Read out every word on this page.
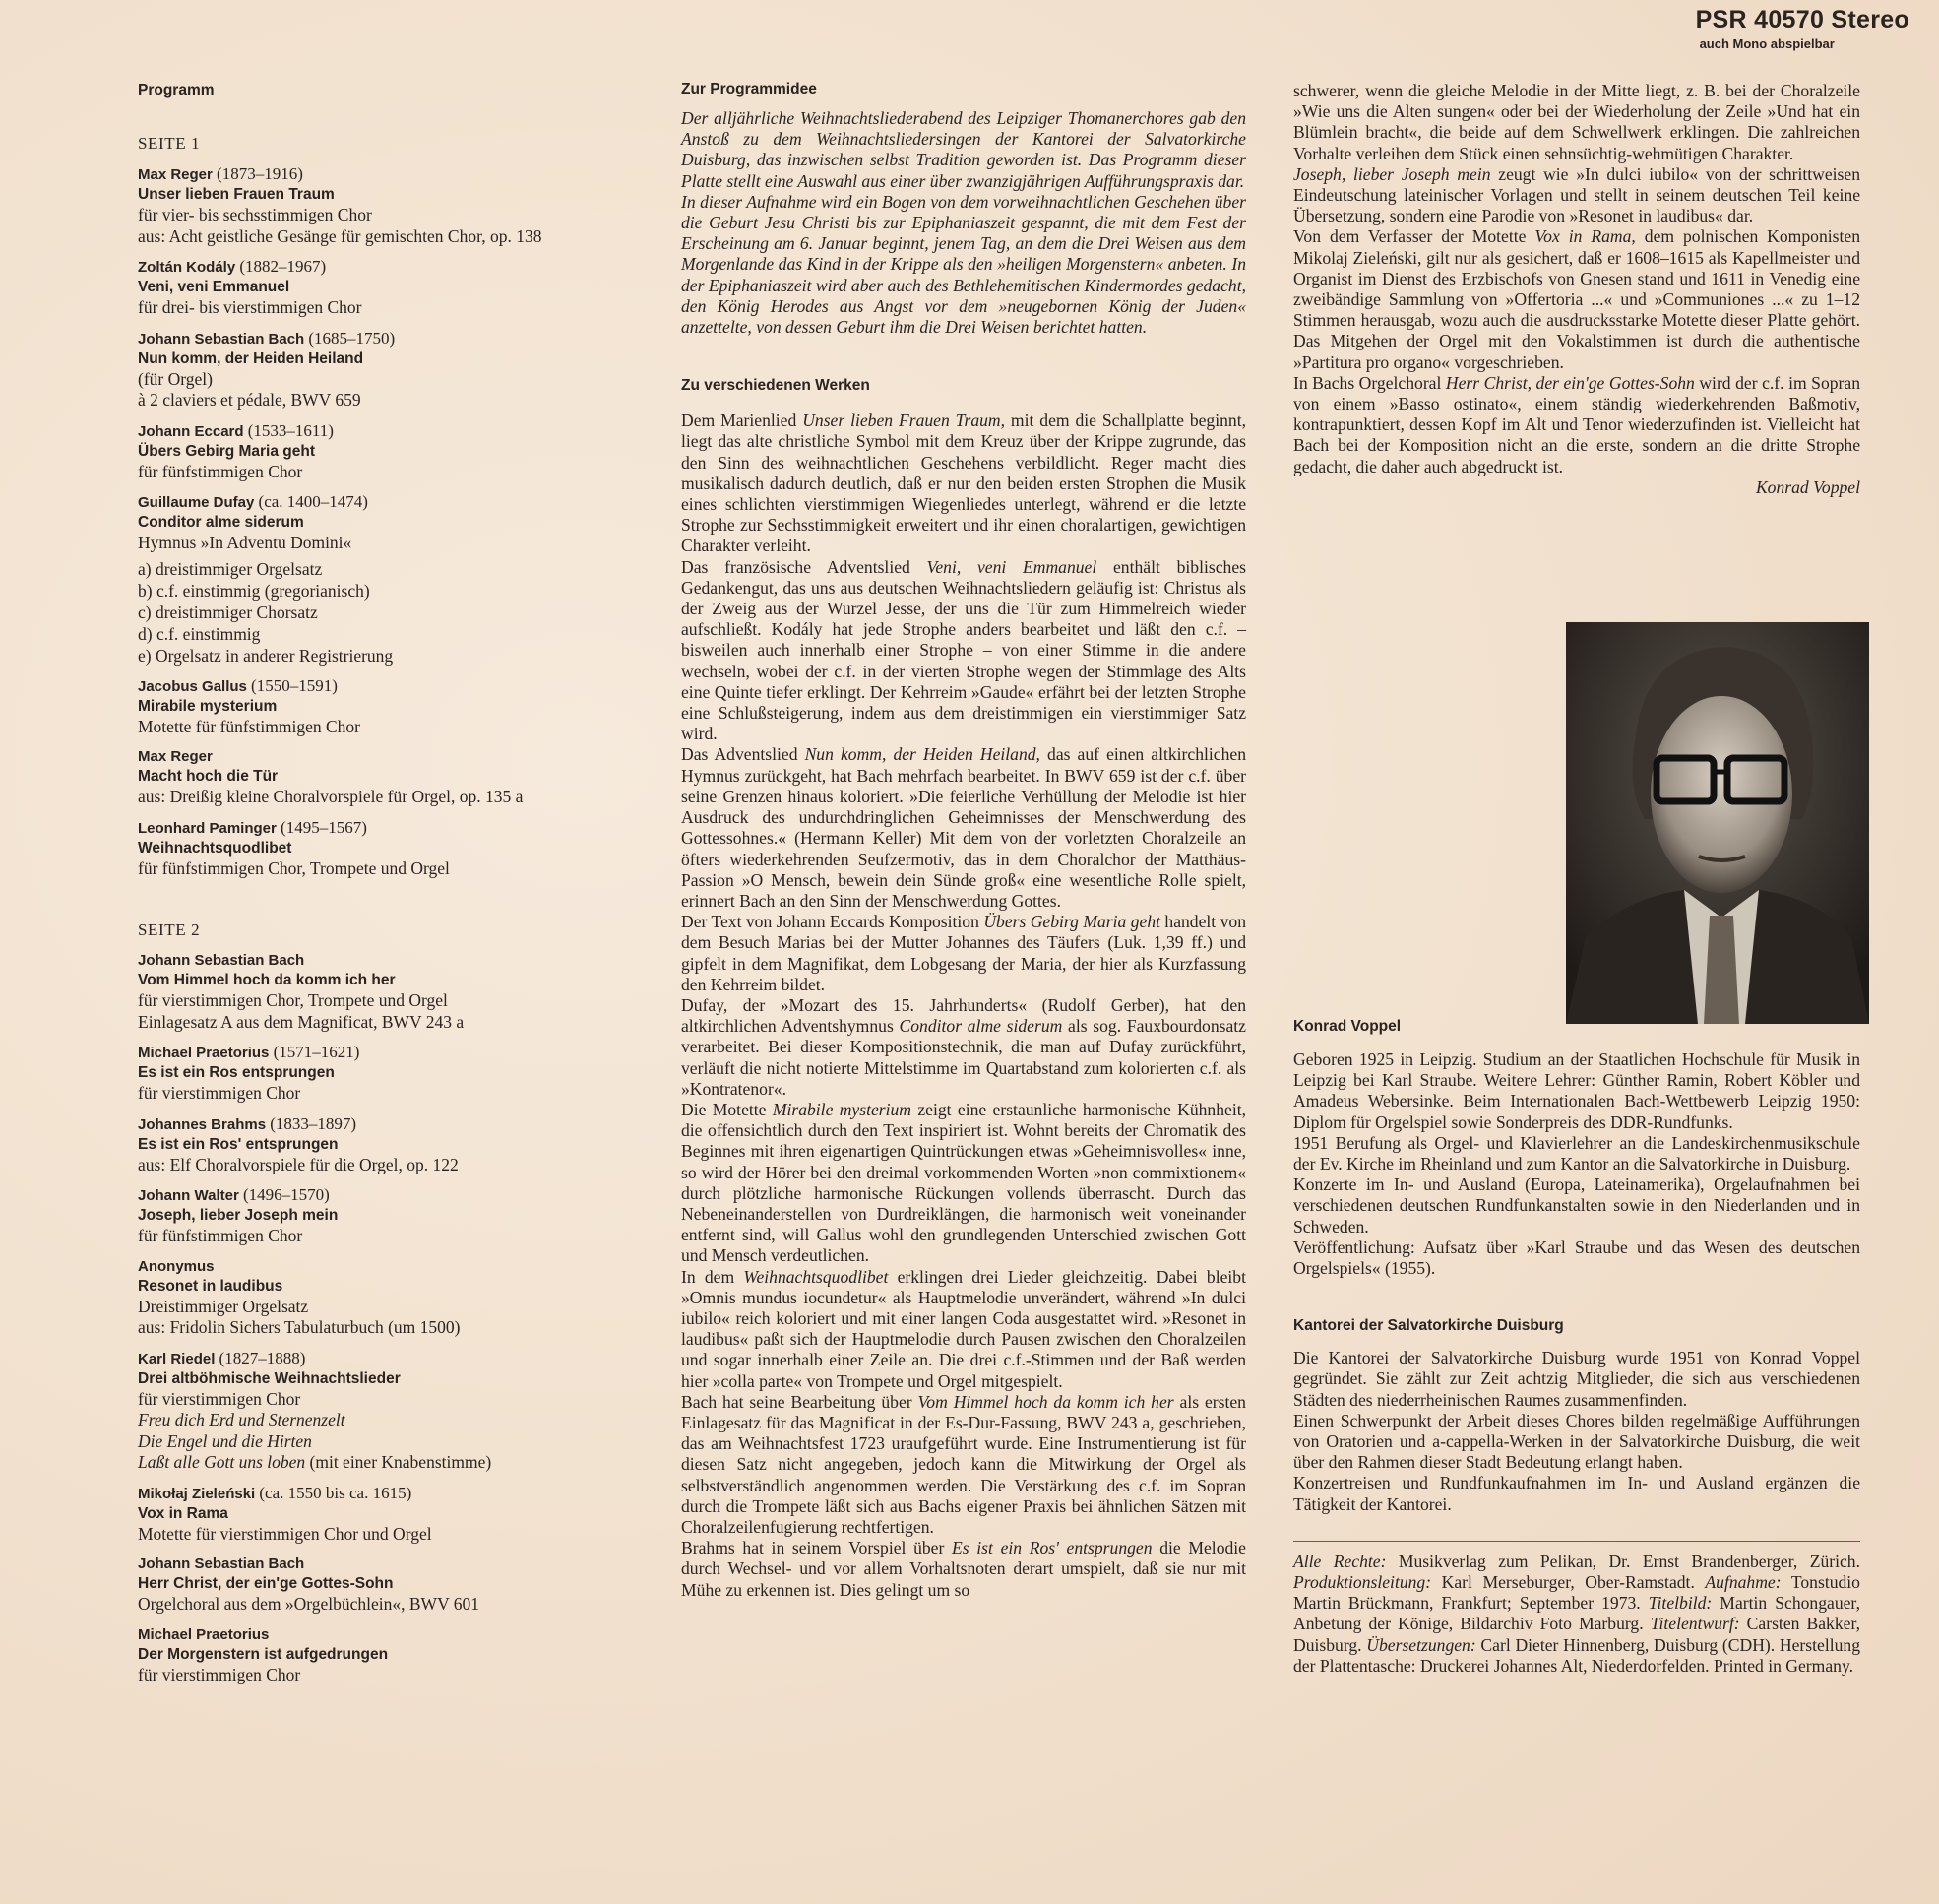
PSR 40570 Stereo
auch Mono abspielbar
Programm
SEITE 1
Max Reger (1873–1916)
Unser lieben Frauen Traum
für vier- bis sechsstimmigen Chor
aus: Acht geistliche Gesänge für gemischten Chor, op. 138
Zoltán Kodály (1882–1967)
Veni, veni Emmanuel
für drei- bis vierstimmigen Chor
Johann Sebastian Bach (1685–1750)
Nun komm, der Heiden Heiland
(für Orgel)
à 2 claviers et pédale, BWV 659
Johann Eccard (1533–1611)
Übers Gebirg Maria geht
für fünfstimmigen Chor
Guillaume Dufay (ca. 1400–1474)
Conditor alme siderum
Hymnus »In Adventu Domini«
a) dreistimmiger Orgelsatz
b) c.f. einstimmig (gregorianisch)
c) dreistimmiger Chorsatz
d) c.f. einstimmig
e) Orgelsatz in anderer Registrierung
Jacobus Gallus (1550–1591)
Mirabile mysterium
Motette für fünfstimmigen Chor
Max Reger
Macht hoch die Tür
aus: Dreißig kleine Choralvorspiele für Orgel, op. 135 a
Leonhard Paminger (1495–1567)
Weihnachtsquodlibet
für fünfstimmigen Chor, Trompete und Orgel
SEITE 2
Johann Sebastian Bach
Vom Himmel hoch da komm ich her
für vierstimmigen Chor, Trompete und Orgel
Einlagesatz A aus dem Magnificat, BWV 243 a
Michael Praetorius (1571–1621)
Es ist ein Ros entsprungen
für vierstimmigen Chor
Johannes Brahms (1833–1897)
Es ist ein Ros' entsprungen
aus: Elf Choralvorspiele für die Orgel, op. 122
Johann Walter (1496–1570)
Joseph, lieber Joseph mein
für fünfstimmigen Chor
Anonymus
Resonet in laudibus
Dreistimmiger Orgelsatz
aus: Fridolin Sichers Tabulaturbuch (um 1500)
Karl Riedel (1827–1888)
Drei altböhmische Weihnachtslieder
für vierstimmigen Chor
Freu dich Erd und Sternenzelt
Die Engel und die Hirten
Laßt alle Gott uns loben (mit einer Knabenstimme)
Mikołaj Zieleński (ca. 1550 bis ca. 1615)
Vox in Rama
Motette für vierstimmigen Chor und Orgel
Johann Sebastian Bach
Herr Christ, der ein'ge Gottes-Sohn
Orgelchoral aus dem »Orgelbüchlein«, BWV 601
Michael Praetorius
Der Morgenstern ist aufgedrungen
für vierstimmigen Chor
Zur Programmidee

Der alljährliche Weihnachtsliederabend des Leipziger Thomanerchores gab den Anstoß zu dem Weihnachtsliedersingen der Kantorei der Salvatorkirche Duisburg, das inzwischen selbst Tradition geworden ist. Das Programm dieser Platte stellt eine Auswahl aus einer über zwanzigjährigen Aufführungspraxis dar.

In dieser Aufnahme wird ein Bogen von dem vorweihnachtlichen Geschehen über die Geburt Jesu Christi bis zur Epiphaniaszeit gespannt, die mit dem Fest der Erscheinung am 6. Januar beginnt, jenem Tag, an dem die Drei Weisen aus dem Morgenlande das Kind in der Krippe als den »heiligen Morgenstern« anbeten. In der Epiphaniaszeit wird aber auch des Bethlehemitischen Kindermordes gedacht, den König Herodes aus Angst vor dem »neugebornen König der Juden« anzettelte, von dessen Geburt ihm die Drei Weisen berichtet hatten.

Zu verschiedenen Werken

Dem Marienlied Unser lieben Frauen Traum, mit dem die Schallplatte beginnt, liegt das alte christliche Symbol mit dem Kreuz über der Krippe zugrunde, das den Sinn des weihnachtlichen Geschehens verbildlicht. Reger macht dies musikalisch dadurch deutlich, daß er nur den beiden ersten Strophen die Musik eines schlichten vierstimmigen Wiegenliedes unterlegt, während er die letzte Strophe zur Sechsstimmigkeit erweitert und ihr einen choralartigen, gewichtigen Charakter verleiht.

Das französische Adventslied Veni, veni Emmanuel enthält biblisches Gedankengut, das uns aus deutschen Weihnachtsliedern geläufig ist: Christus als der Zweig aus der Wurzel Jesse, der uns die Tür zum Himmelreich wieder aufschließt. Kodály hat jede Strophe anders bearbeitet und läßt den c.f. – bisweilen auch innerhalb einer Strophe – von einer Stimme in die andere wechseln, wobei der c.f. in der vierten Strophe wegen der Stimmlage des Alts eine Quinte tiefer erklingt. Der Kehrreim »Gaude« erfährt bei der letzten Strophe eine Schlußsteigerung, indem aus dem dreistimmigen ein vierstimmiger Satz wird.

Das Adventslied Nun komm, der Heiden Heiland, das auf einen altkirchlichen Hymnus zurückgeht, hat Bach mehrfach bearbeitet. In BWV 659 ist der c.f. über seine Grenzen hinaus koloriert. »Die feierliche Verhüllung der Melodie ist hier Ausdruck des undurchdringlichen Geheimnisses der Menschwerdung des Gottessohnes.« (Hermann Keller) Mit dem von der vorletzten Choralzeile an öfters wiederkehrenden Seufzermotiv, das in dem Choralchor der Matthäus-Passion »O Mensch, bewein dein Sünde groß« eine wesentliche Rolle spielt, erinnert Bach an den Sinn der Menschwerdung Gottes.

Der Text von Johann Eccards Komposition Übers Gebirg Maria geht handelt von dem Besuch Marias bei der Mutter Johannes des Täufers (Luk. 1,39 ff.) und gipfelt in dem Magnifikat, dem Lobgesang der Maria, der hier als Kurzfassung den Kehrreim bildet.

Dufay, der »Mozart des 15. Jahrhunderts« (Rudolf Gerber), hat den altkirchlichen Adventshymnus Conditor alme siderum als sog. Fauxbourdonsatz verarbeitet. Bei dieser Kompositionstechnik, die man auf Dufay zurückführt, verläuft die nicht notierte Mittelstimme im Quartabstand zum kolorierten c.f. als »Kontratenor«.

Die Motette Mirabile mysterium zeigt eine erstaunliche harmonische Kühnheit, die offensichtlich durch den Text inspiriert ist. Wohnt bereits der Chromatik des Beginnes mit ihren eigenartigen Quintrückungen etwas »Geheimnisvolles« inne, so wird der Hörer bei den dreimal vorkommenden Worten »non commixtionem« durch plötzliche harmonische Rückungen vollends überrascht. Durch das Nebeneinanderstellen von Durdreiklängen, die harmonisch weit voneinander entfernt sind, will Gallus wohl den grundlegenden Unterschied zwischen Gott und Mensch verdeutlichen.

In dem Weihnachtsquodlibet erklingen drei Lieder gleichzeitig. Dabei bleibt »Omnis mundus iocundetur« als Hauptmelodie unverändert, während »In dulci iubilo« reich koloriert und mit einer langen Coda ausgestattet wird. »Resonet in laudibus« paßt sich der Hauptmelodie durch Pausen zwischen den Choralzeilen und sogar innerhalb einer Zeile an. Die drei c.f.-Stimmen und der Baß werden hier »colla parte« von Trompete und Orgel mitgespielt.

Bach hat seine Bearbeitung über Vom Himmel hoch da komm ich her als ersten Einlagesatz für das Magnificat in der Es-Dur-Fassung, BWV 243 a, geschrieben, das am Weihnachtsfest 1723 uraufgeführt wurde. Eine Instrumentierung ist für diesen Satz nicht angegeben, jedoch kann die Mitwirkung der Orgel als selbstverständlich angenommen werden. Die Verstärkung des c.f. im Sopran durch die Trompete läßt sich aus Bachs eigener Praxis bei ähnlichen Sätzen mit Choralzeilenfugierung rechtfertigen.

Brahms hat in seinem Vorspiel über Es ist ein Ros' entsprungen die Melodie durch Wechsel- und vor allem Vorhaltsnoten derart umspielt, daß sie nur mit Mühe zu erkennen ist. Dies gelingt um so

schwerer, wenn die gleiche Melodie in der Mitte liegt, z. B. bei der Choralzeile »Wie uns die Alten sungen« oder bei der Wiederholung der Zeile »Und hat ein Blümlein bracht«, die beide auf dem Schwellwerk erklingen. Die zahlreichen Vorhalte verleihen dem Stück einen sehnsüchtig-wehmütigen Charakter.

Joseph, lieber Joseph mein zeugt wie »In dulci iubilo« von der schrittweisen Eindeutschung lateinischer Vorlagen und stellt in seinem deutschen Teil keine Übersetzung, sondern eine Parodie von »Resonet in laudibus« dar.

Von dem Verfasser der Motette Vox in Rama, dem polnischen Komponisten Mikolaj Zieleński, gilt nur als gesichert, daß er 1608–1615 als Kapellmeister und Organist im Dienst des Erzbischofs von Gnesen stand und 1611 in Venedig eine zweibändige Sammlung von »Offertoria ...« und »Communiones ...« zu 1–12 Stimmen herausgab, wozu auch die ausdrucksstarke Motette dieser Platte gehört. Das Mitgehen der Orgel mit den Vokalstimmen ist durch die authentische »Partitura pro organo« vorgeschrieben.

In Bachs Orgelchoral Herr Christ, der ein'ge Gottes-Sohn wird der c.f. im Sopran von einem »Basso ostinato«, einem ständig wiederkehrenden Baßmotiv, kontrapunktiert, dessen Kopf im Alt und Tenor wiederzufinden ist. Vielleicht hat Bach bei der Komposition nicht an die erste, sondern an die dritte Strophe gedacht, die daher auch abgedruckt ist.

Konrad Voppel

Konrad Voppel

Geboren 1925 in Leipzig. Studium an der Staatlichen Hochschule für Musik in Leipzig bei Karl Straube. Weitere Lehrer: Günther Ramin, Robert Köbler und Amadeus Webersinke. Beim Internationalen Bach-Wettbewerb Leipzig 1950: Diplom für Orgelspiel sowie Sonderpreis des DDR-Rundfunks.

1951 Berufung als Orgel- und Klavierlehrer an die Landeskirchenmusikschule der Ev. Kirche im Rheinland und zum Kantor an die Salvatorkirche in Duisburg.

Konzerte im In- und Ausland (Europa, Lateinamerika), Orgelaufnahmen bei verschiedenen deutschen Rundfunkanstalten sowie in den Niederlanden und in Schweden.

Veröffentlichung: Aufsatz über »Karl Straube und das Wesen des deutschen Orgelspiels« (1955).

Kantorei der Salvatorkirche Duisburg

Die Kantorei der Salvatorkirche Duisburg wurde 1951 von Konrad Voppel gegründet. Sie zählt zur Zeit achtzig Mitglieder, die sich aus verschiedenen Städten des niederrheinischen Raumes zusammenfinden.

Einen Schwerpunkt der Arbeit dieses Chores bilden regelmäßige Aufführungen von Oratorien und a-cappella-Werken in der Salvatorkirche Duisburg, die weit über den Rahmen dieser Stadt Bedeutung erlangt haben.

Konzertreisen und Rundfunkaufnahmen im In- und Ausland ergänzen die Tätigkeit der Kantorei.

Alle Rechte: Musikverlag zum Pelikan, Dr. Ernst Brandenberger, Zürich. Produktionsleitung: Karl Merseburger, Ober-Ramstadt. Aufnahme: Tonstudio Martin Brückmann, Frankfurt; September 1973. Titelbild: Martin Schongauer, Anbetung der Könige, Bildarchiv Foto Marburg. Titelentwurf: Carsten Bakker, Duisburg. Übersetzungen: Carl Dieter Hinnenberg, Duisburg (CDH). Herstellung der Plattentasche: Druckerei Johannes Alt, Niederdorfelden. Printed in Germany.
